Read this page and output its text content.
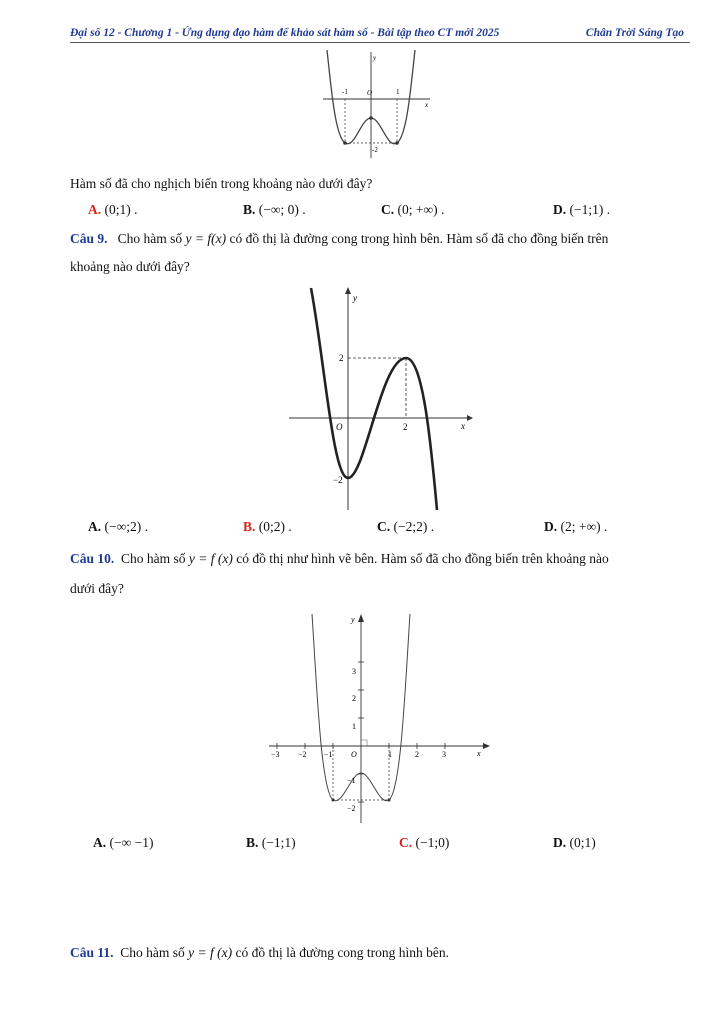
Đại số 12 - Chương 1 - Ứng dụng đạo hàm để khảo sát hàm số - Bài tập theo CT mới 2025	Chân Trời Sáng Tạo
y
x
O
-1	1
-2
Hàm số đã cho nghịch biến trong khoảng nào dưới đây?
A. (0;1) .	B. (−∞; 0) .	C. (0; +∞) .	D. (−1;1) .
Câu 9. Cho hàm số y = f(x) có đồ thị là đường cong trong hình bên. Hàm số đã cho đồng biến trên
khoảng nào dưới đây?
y
x
O	2
2
−2
A. (−∞;2) .	B. (0;2) .	C. (−2;2) .	D. (2; +∞) .
Câu 10. Cho hàm số y = f (x) có đồ thị như hình vẽ bên. Hàm số đã cho đồng biến trên khoảng nào
dưới đây?
y
x
O
−3 −2 −1	1	2	3
3
2
1
−1
−2
A. (−∞ −1)	B. (−1;1)	C. (−1;0)	D. (0;1)
Câu 11. Cho hàm số y = f (x) có đồ thị là đường cong trong hình bên.
